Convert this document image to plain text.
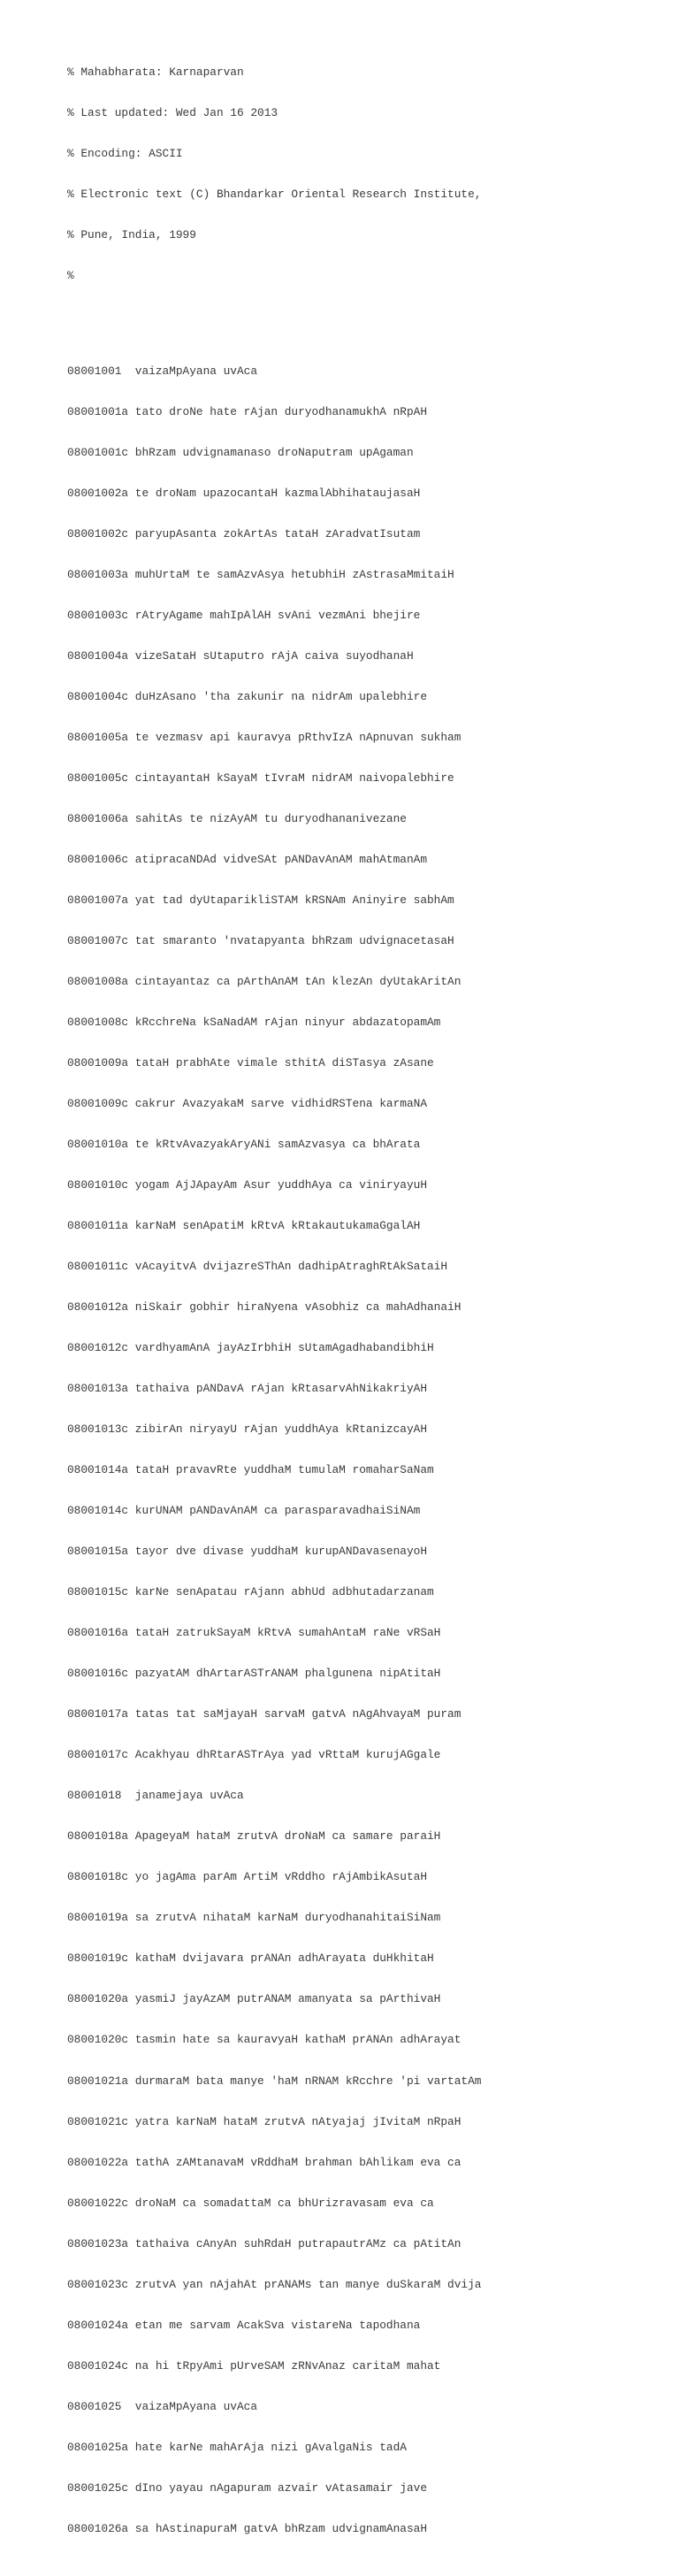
% Mahabharata: Karnaparvan

% Last updated: Wed Jan 16 2013

% Encoding: ASCII

% Electronic text (C) Bhandarkar Oriental Research Institute,

% Pune, India, 1999

%

08001001  vaizaMpAyana uvAca

08001001a tato droNe hate rAjan duryodhanamukhA nRpAH

08001001c bhRzam udvignamanaso droNaputram upAgaman

08001002a te droNam upazocantaH kazmalAbhihataujasaH

08001002c paryupAsanta zokArtAs tataH zAradvatIsutam

08001003a muhUrtaM te samAzvAsya hetubhiH zAstrasaMmitaiH

08001003c rAtryAgame mahIpAlAH svAni vezmAni bhejire

08001004a vizeSataH sUtaputro rAjA caiva suyodhanaH

08001004c duHzAsano 'tha zakunir na nidrAm upalebhire

08001005a te vezmasv api kauravya pRthvIzA nApnuvan sukham

08001005c cintayantaH kSayaM tIvraM nidrAM naivopalebhire

08001006a sahitAs te nizAyAM tu duryodhananivezane

08001006c atipracaNDAd vidveSAt pANDavAnAM mahAtmanAm

08001007a yat tad dyUtaparikliSTAM kRSNAm Aninyire sabhAm

08001007c tat smaranto 'nvatapyanta bhRzam udvignacetasaH

08001008a cintayantaz ca pArthAnAM tAn klezAn dyUtakAritAn

08001008c kRcchreNa kSaNadAM rAjan ninyur abdazatopamAm

08001009a tataH prabhAte vimale sthitA diSTasya zAsane

08001009c cakrur AvazyakaM sarve vidhidRSTena karmaNA

08001010a te kRtvAvazyakAryANi samAzvasya ca bhArata

08001010c yogam AjJApayAm Asur yuddhAya ca viniryayuH

08001011a karNaM senApatiM kRtvA kRtakautukamaGgalAH

08001011c vAcayitvA dvijazreSThAn dadhipAtraghRtAkSataiH

08001012a niSkair gobhir hiraNyena vAsobhiz ca mahAdhanaiH

08001012c vardhyamAnA jayAzIrbhiH sUtamAgadhabandibhiH

08001013a tathaiva pANDavA rAjan kRtasarvAhNikakriyAH

08001013c zibirAn niryayU rAjan yuddhAya kRtanizcayAH

08001014a tataH pravavRte yuddhaM tumulaM romaharSaNam

08001014c kurUNAM pANDavAnAM ca parasparavadhaiSiNAm

08001015a tayor dve divase yuddhaM kurupANDavasenayoH

08001015c karNe senApatau rAjann abhUd adbhutadarzanam

08001016a tataH zatrukSayaM kRtvA sumahAntaM raNe vRSaH

08001016c pazyatAM dhArtarASTrANAM phalgunena nipAtitaH

08001017a tatas tat saMjayaH sarvaM gatvA nAgAhvayaM puram

08001017c Acakhyau dhRtarASTrAya yad vRttaM kurujAGgale

08001018  janamejaya uvAca

08001018a ApageyaM hataM zrutvA droNaM ca samare paraiH

08001018c yo jagAma parAm ArtiM vRddho rAjAmbikAsutaH

08001019a sa zrutvA nihataM karNaM duryodhanahitaiSiNam

08001019c kathaM dvijavara prANAn adhArayata duHkhitaH

08001020a yasmiJ jayAzAM putrANAM amanyata sa pArthivaH

08001020c tasmin hate sa kauravyaH kathaM prANAn adhArayat

08001021a durmaraM bata manye 'haM nRNAM kRcchre 'pi vartatAm

08001021c yatra karNaM hataM zrutvA nAtyajaj jIvitaM nRpaH

08001022a tathA zAMtanavaM vRddhaM brahman bAhlikam eva ca

08001022c droNaM ca somadattaM ca bhUrizravasam eva ca

08001023a tathaiva cAnyAn suhRdaH putrapautrAMz ca pAtitAn

08001023c zrutvA yan nAjahAt prANAMs tan manye duSkaraM dvija

08001024a etan me sarvam AcakSva vistareNa tapodhana

08001024c na hi tRpyAmi pUrveSAM zRNvAnaz caritaM mahat

08001025  vaizaMpAyana uvAca

08001025a hate karNe mahArAja nizi gAvalgaNis tadA

08001025c dIno yayau nAgapuram azvair vAtasamair jave

08001026a sa hAstinapuraM gatvA bhRzam udvignamAnasaH
